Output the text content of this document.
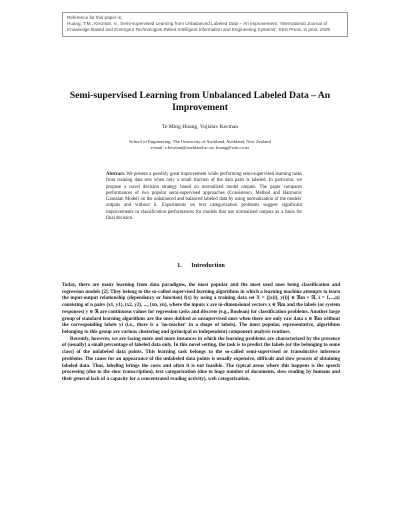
Reference for this paper is:
Huang, T.M., Kecman, V., Semi-supervised Learning from Unbalanced Labeled Data – An Improvement, 'International Journal of Knowledge Based and Emergent Technologies Relied Intelligent Information and Engineering Systems', KES Press, in print, 2005
Semi-supervised Learning from Unbalanced Labeled Data – An Improvement
Te Ming Huang, Vojislav Kecman
School of Engineering, The University of Auckland, Auckland, New Zealand
e-mail: v.kecman@auckland.ac.nz, huang@win.co.nz
Abstract. We present a possibly great improvement while performing semi-supervised learning tasks from training data sets when only a small fraction of the data pairs is labeled. In particular, we propose a novel decision strategy based on normalized model outputs. The paper compares performances of two popular semi-supervised approaches (Consistency Method and Harmonic Gaussian Model) on the unbalanced and balanced labeled data by using normalization of the models' outputs and without it. Experiments on text categorization problems suggest significant improvements in classification performances for models that use normalized outputs as a basis for final decision.
1. Introduction

Today, there are many learning from data paradigms, the most popular and the most used ones being classification and regression models [2]. They belong to the so-called supervised learning algorithms in which a learning machine attempts to learn the input-output relationship (dependency or function) f(x) by using a training data set X = {[x(i), y(i)] ∈ ℜm × ℜ, i = 1,...,n} consisting of n pairs (x1, y1), (x2, y2), ..., (xn, yn), where the inputs x are m-dimensional vectors x ∈ ℜm and the labels (or system responses) y ∈ ℜ are continuous values for regression tasks and discrete (e.g., Boolean) for classification problems. Another large group of standard learning algorithms are the ones dubbed as unsupervised ones when there are only raw data x ∈ ℜm without the corresponding labels yi (i.e., there is a 'no-teacher' in a shape of labels). The most popular, representative, algorithms belonging to this group are various clustering and (principal or independent) component analysis routines.

Recently, however, we are facing more and more instances in which the learning problems are characterized by the presence of (usually) a small percentage of labeled data only. In this novel setting, the task is to predict the labels (or the belonging to some class) of the unlabeled data points. This learning task belongs to the so-called semi-supervised or transductive inference problems. The cause for an appearance of the unlabeled data points is usually expensive, difficult and slow process of obtaining labeled data. Thus, labeling brings the costs and often it is not feasible. The typical areas where this happens is the speech processing (due to the slow transcription), text categorization (due to huge number of documents, slow reading by humans and their general lack of a capacity for a concentrated reading activity), web categorization,
